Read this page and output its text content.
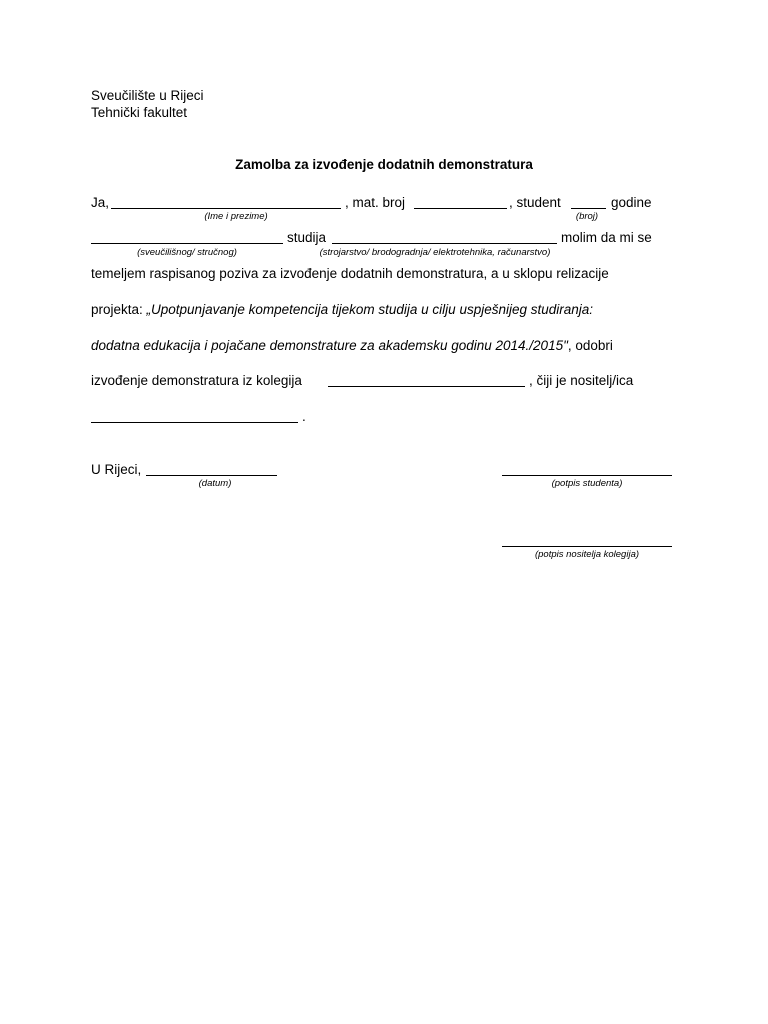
Sveučilište u Rijeci
Tehnički fakultet
Zamolba za izvođenje dodatnih demonstratura
Ja,	, mat. broj	, student	godine
(Ime i prezime)	(broj)
studija	molim da mi se
(sveučilišnog/ stručnog)	(strojarstvo/ brodogradnja/ elektrotehnika, računarstvo)
temeljem raspisanog poziva za izvođenje dodatnih demonstratura, a u sklopu relizacije
projekta: „Upotpunjavanje kompetencija tijekom studija u cilju uspješnijeg studiranja:
dodatna edukacija i pojačane demonstrature za akademsku godinu 2014./2015", odobri
izvođenje demonstratura iz kolegija	, čiji je nositelj/ica
.
U Rijeci,
(datum)	(potpis studenta)
(potpis nositelja kolegija)
